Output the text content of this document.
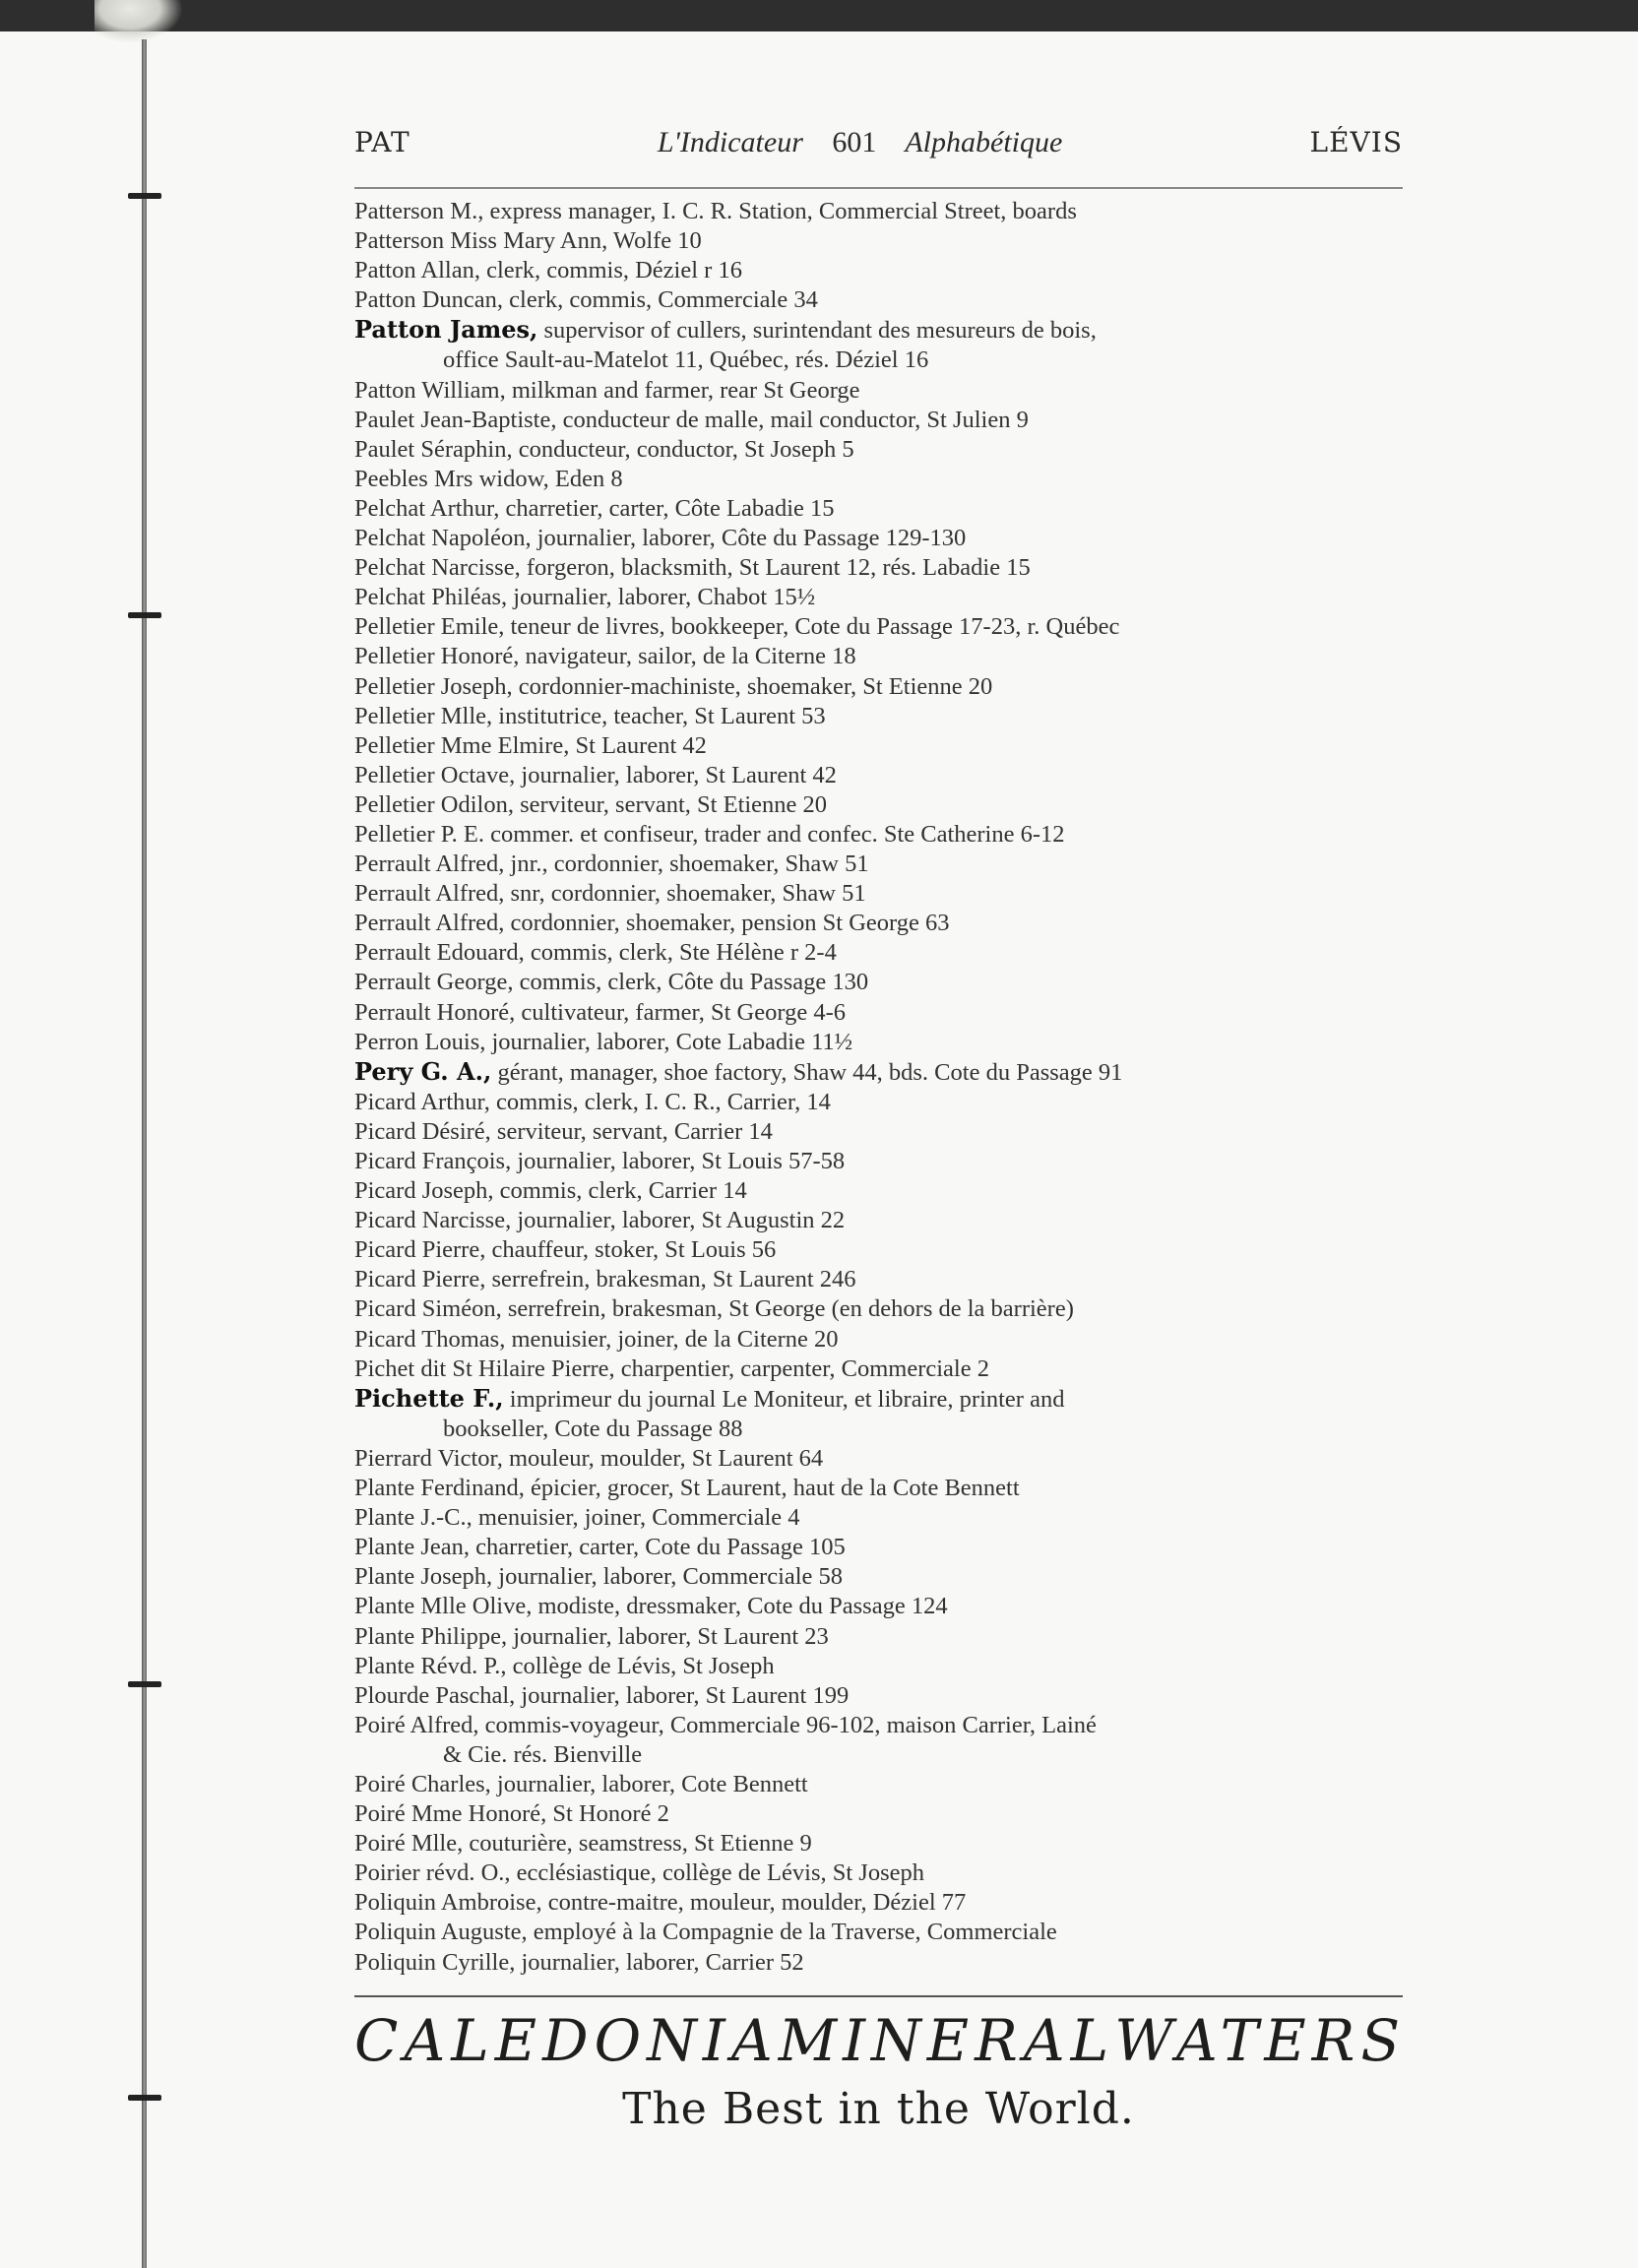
PAT	L'Indicateur 601 Alphabétique	LÉVIS
Patterson M., express manager, I. C. R. Station, Commercial Street, boards
Patterson Miss Mary Ann, Wolfe 10
Patton Allan, clerk, commis, Déziel r 16
Patton Duncan, clerk, commis, Commerciale 34
Patton James, supervisor of cullers, surintendant des mesureurs de bois,
office Sault-au-Matelot 11, Québec, rés. Déziel 16
Patton William, milkman and farmer, rear St George
Paulet Jean-Baptiste, conducteur de malle, mail conductor, St Julien 9
Paulet Séraphin, conducteur, conductor, St Joseph 5
Peebles Mrs widow, Eden 8
Pelchat Arthur, charretier, carter, Côte Labadie 15
Pelchat Napoléon, journalier, laborer, Côte du Passage 129-130
Pelchat Narcisse, forgeron, blacksmith, St Laurent 12, rés. Labadie 15
Pelchat Philéas, journalier, laborer, Chabot 15½
Pelletier Emile, teneur de livres, bookkeeper, Cote du Passage 17-23, r. Québec
Pelletier Honoré, navigateur, sailor, de la Citerne 18
Pelletier Joseph, cordonnier-machiniste, shoemaker, St Etienne 20
Pelletier Mlle, institutrice, teacher, St Laurent 53
Pelletier Mme Elmire, St Laurent 42
Pelletier Octave, journalier, laborer, St Laurent 42
Pelletier Odilon, serviteur, servant, St Etienne 20
Pelletier P. E. commer. et confiseur, trader and confec. Ste Catherine 6-12
Perrault Alfred, jnr., cordonnier, shoemaker, Shaw 51
Perrault Alfred, snr, cordonnier, shoemaker, Shaw 51
Perrault Alfred, cordonnier, shoemaker, pension St George 63
Perrault Edouard, commis, clerk, Ste Hélène r 2-4
Perrault George, commis, clerk, Côte du Passage 130
Perrault Honoré, cultivateur, farmer, St George 4-6
Perron Louis, journalier, laborer, Cote Labadie 11½
Pery G. A., gérant, manager, shoe factory, Shaw 44, bds. Cote du Passage 91
Picard Arthur, commis, clerk, I. C. R., Carrier, 14
Picard Désiré, serviteur, servant, Carrier 14
Picard François, journalier, laborer, St Louis 57-58
Picard Joseph, commis, clerk, Carrier 14
Picard Narcisse, journalier, laborer, St Augustin 22
Picard Pierre, chauffeur, stoker, St Louis 56
Picard Pierre, serrefrein, brakesman, St Laurent 246
Picard Siméon, serrefrein, brakesman, St George (en dehors de la barrière)
Picard Thomas, menuisier, joiner, de la Citerne 20
Pichet dit St Hilaire Pierre, charpentier, carpenter, Commerciale 2
Pichette F., imprimeur du journal Le Moniteur, et libraire, printer and
bookseller, Cote du Passage 88
Pierrard Victor, mouleur, moulder, St Laurent 64
Plante Ferdinand, épicier, grocer, St Laurent, haut de la Cote Bennett
Plante J.-C., menuisier, joiner, Commerciale 4
Plante Jean, charretier, carter, Cote du Passage 105
Plante Joseph, journalier, laborer, Commerciale 58
Plante Mlle Olive, modiste, dressmaker, Cote du Passage 124
Plante Philippe, journalier, laborer, St Laurent 23
Plante Révd. P., collège de Lévis, St Joseph
Plourde Paschal, journalier, laborer, St Laurent 199
Poiré Alfred, commis-voyageur, Commerciale 96-102, maison Carrier, Lainé
& Cie. rés. Bienville
Poiré Charles, journalier, laborer, Cote Bennett
Poiré Mme Honoré, St Honoré 2
Poiré Mlle, couturière, seamstress, St Etienne 9
Poirier révd. O., ecclésiastique, collège de Lévis, St Joseph
Poliquin Ambroise, contre-maitre, mouleur, moulder, Déziel 77
Poliquin Auguste, employé à la Compagnie de la Traverse, Commerciale
Poliquin Cyrille, journalier, laborer, Carrier 52
CALEDONIA MINERAL WATERS
The Best in the World.
